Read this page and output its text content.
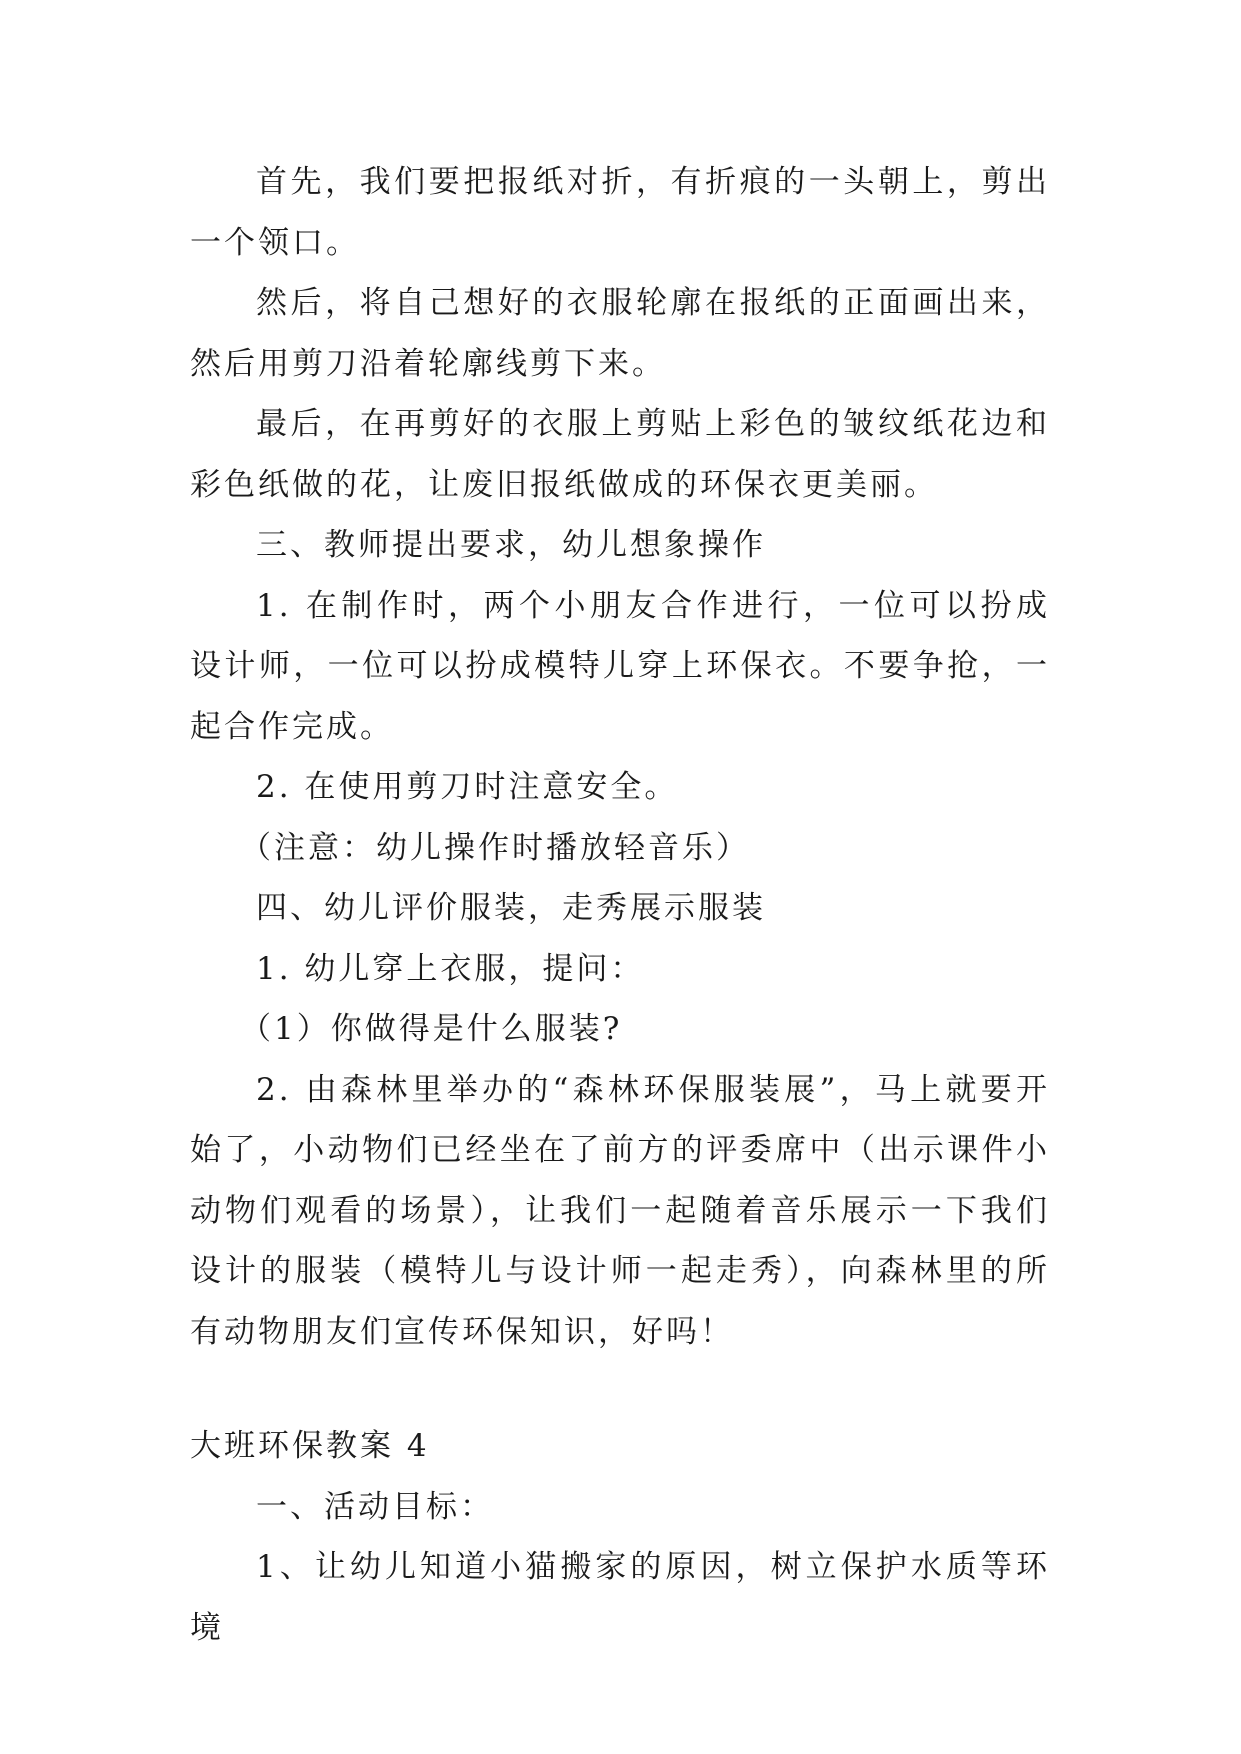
首先，我们要把报纸对折，有折痕的一头朝上，剪出一个领口。

然后，将自己想好的衣服轮廓在报纸的正面画出来，然后用剪刀沿着轮廓线剪下来。

最后，在再剪好的衣服上剪贴上彩色的皱纹纸花边和彩色纸做的花，让废旧报纸做成的环保衣更美丽。

三、教师提出要求，幼儿想象操作

1. 在制作时，两个小朋友合作进行，一位可以扮成设计师，一位可以扮成模特儿穿上环保衣。不要争抢，一起合作完成。

2. 在使用剪刀时注意安全。

（注意：幼儿操作时播放轻音乐）

四、幼儿评价服装，走秀展示服装

1. 幼儿穿上衣服，提问：

（1）你做得是什么服装?

2. 由森林里举办的“森林环保服装展”，马上就要开始了，小动物们已经坐在了前方的评委席中（出示课件小动物们观看的场景），让我们一起随着音乐展示一下我们设计的服装（模特儿与设计师一起走秀），向森林里的所有动物朋友们宣传环保知识，好吗！

大班环保教案 4

一、活动目标：

1、让幼儿知道小猫搬家的原因，树立保护水质等环境
